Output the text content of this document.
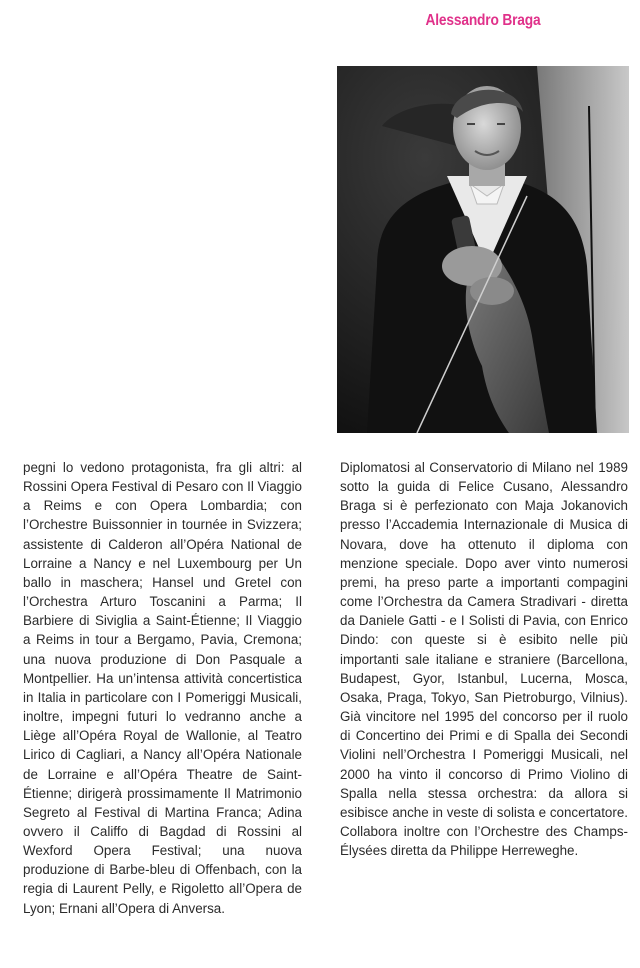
Alessandro Braga

pegni lo vedono protagonista, fra gli altri: al Rossini Opera Festival di Pesaro con Il Viaggio a Reims e con Opera Lombardia; con l’Orchestre Buissonnier in tournée in Svizzera; assistente di Calderon all’Opéra National de Lorraine a Nancy e nel Luxembourg per Un ballo in maschera; Hansel und Gretel con l’Orchestra Arturo Toscanini a Parma; Il Barbiere di Siviglia a Saint-Étienne; Il Viaggio a Reims in tour a Bergamo, Pavia, Cremona; una nuova produzione di Don Pasquale a Montpellier. Ha un’intensa attività concertistica in Italia in particolare con I Pomeriggi Musicali, inoltre, impegni futuri lo vedranno anche a Liège all’Opéra Royal de Wallonie, al Teatro Lirico di Cagliari, a Nancy all’Opéra Nationale de Lorraine e all’Opéra Theatre de Saint-Étienne; dirigerà prossimamente Il Matrimonio Segreto al Festival di Martina Franca; Adina ovvero il Califfo di Bagdad di Rossini al Wexford Opera Festival; una nuova produzione di Barbe-bleu di Offenbach, con la regia di Laurent Pelly, e Rigoletto all’Opera de Lyon; Ernani all’Opera di Anversa.

Diplomatosi al Conservatorio di Milano nel 1989 sotto la guida di Felice Cusano, Alessandro Braga si è perfezionato con Maja Jokanovich presso l’Accademia Internazionale di Musica di Novara, dove ha ottenuto il diploma con menzione speciale. Dopo aver vinto numerosi premi, ha preso parte a importanti compagini come l’Orchestra da Camera Stradivari - diretta da Daniele Gatti - e I Solisti di Pavia, con Enrico Dindo: con queste si è esibito nelle più importanti sale italiane e straniere (Barcellona, Budapest, Gyor, Istanbul, Lucerna, Mosca, Osaka, Praga, Tokyo, San Pietroburgo, Vilnius). Già vincitore nel 1995 del concorso per il ruolo di Concertino dei Primi e di Spalla dei Secondi Violini nell’Orchestra I Pomeriggi Musicali, nel 2000 ha vinto il concorso di Primo Violino di Spalla nella stessa orchestra: da allora si esibisce anche in veste di solista e concertatore. Collabora inoltre con l’Orchestre des Champs-Élysées diretta da Philippe Herreweghe.
